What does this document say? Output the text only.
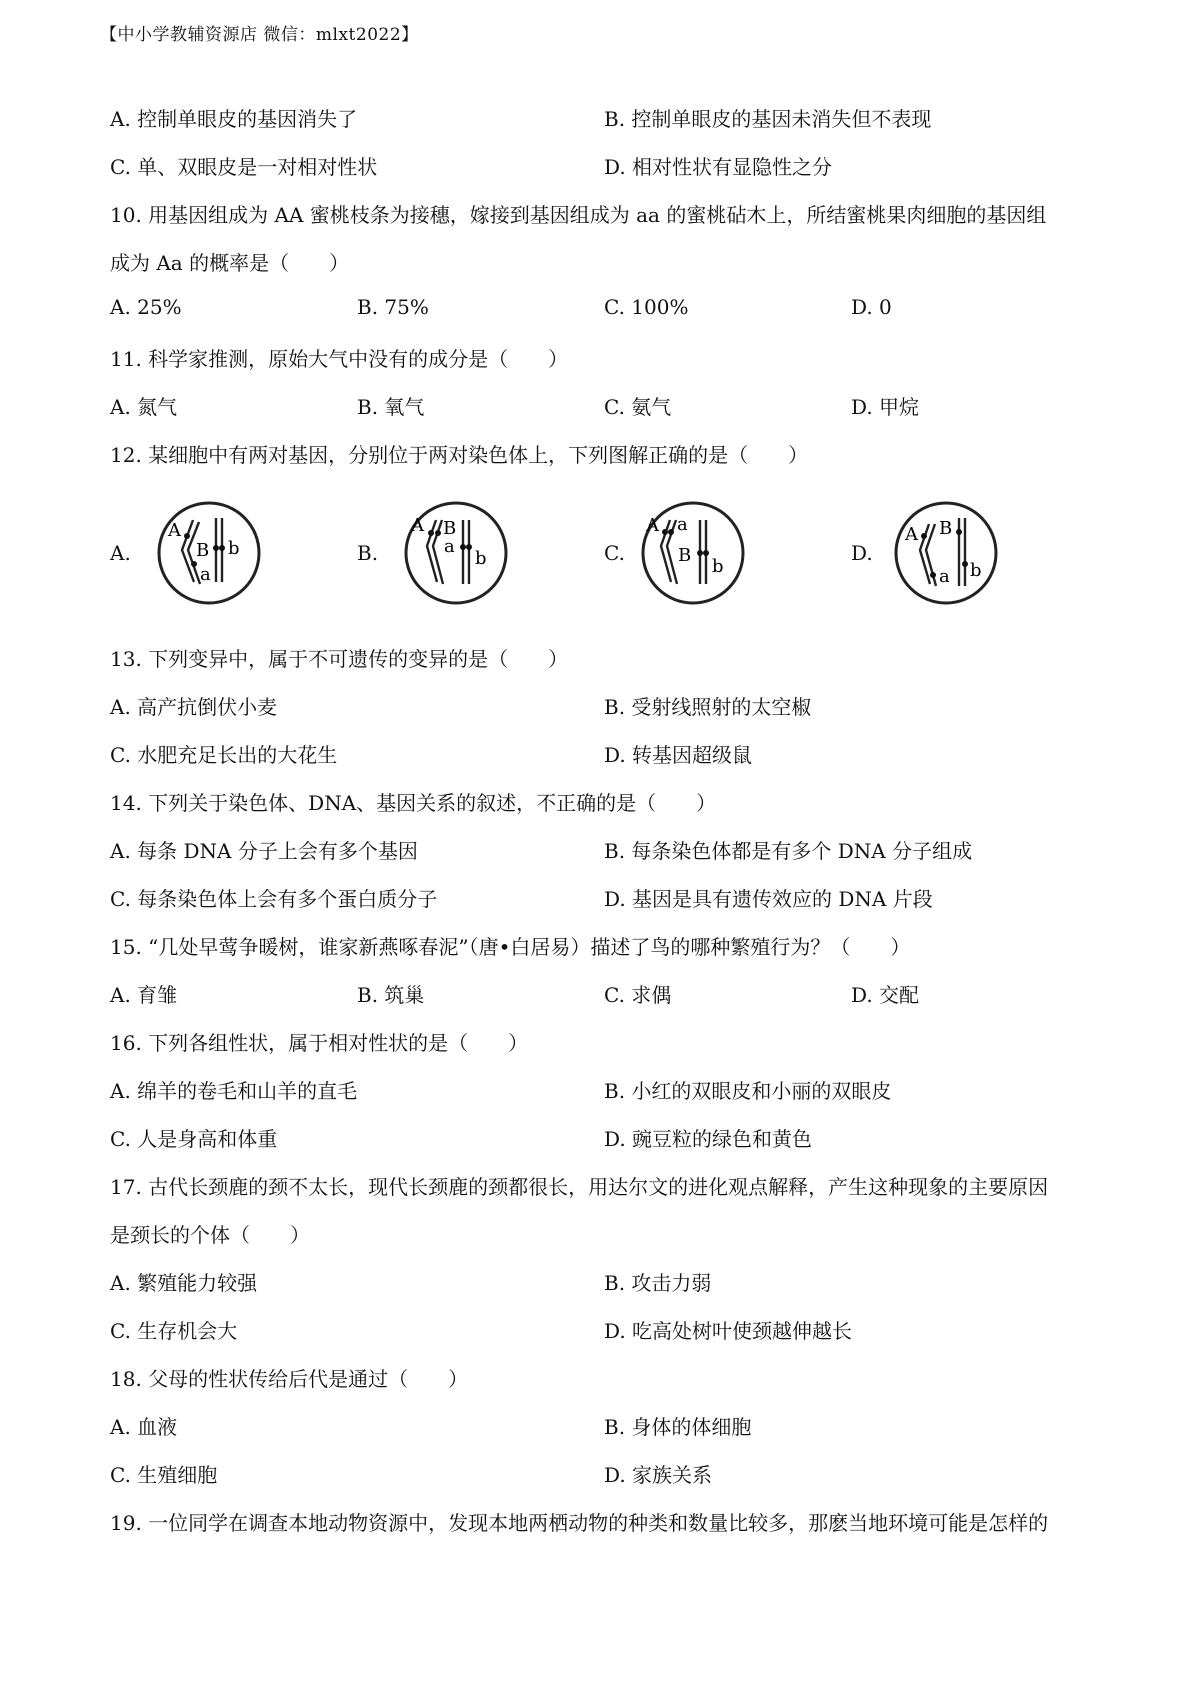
【中小学教辅资源店 微信：mlxt2022】
A. 控制单眼皮的基因消失了	B. 控制单眼皮的基因未消失但不表现
C. 单、双眼皮是一对相对性状	D. 相对性状有显隐性之分
10. 用基因组成为 AA 蜜桃枝条为接穗，嫁接到基因组成为 aa 的蜜桃砧木上，所结蜜桃果肉细胞的基因组
成为 Aa 的概率是（　　）
A. 25%	B. 75%	C. 100%	D. 0
11. 科学家推测，原始大气中没有的成分是（　　）
A. 氮气	B. 氧气	C. 氨气	D. 甲烷
12. 某细胞中有两对基因，分别位于两对染色体上，下列图解正确的是（　　）
A.
A
B
a
b	B.
A B
a
b	C.
A a
B
b
D.
A B
a b
13. 下列变异中，属于不可遗传的变异的是（　　）
A. 高产抗倒伏小麦	B. 受射线照射的太空椒
C. 水肥充足长出的大花生	D. 转基因超级鼠
14. 下列关于染色体、DNA、基因关系的叙述，不正确的是（　　）
A. 每条 DNA 分子上会有多个基因	B. 每条染色体都是有多个 DNA 分子组成
C. 每条染色体上会有多个蛋白质分子	D. 基因是具有遗传效应的 DNA 片段
15. “几处早莺争暖树，谁家新燕啄春泥”（唐•白居易）描述了鸟的哪种繁殖行为？（　　）
A. 育雏	B. 筑巢	C. 求偶	D. 交配
16. 下列各组性状，属于相对性状的是（　　）
A. 绵羊的卷毛和山羊的直毛	B. 小红的双眼皮和小丽的双眼皮
C. 人是身高和体重	D. 豌豆粒的绿色和黄色
17. 古代长颈鹿的颈不太长，现代长颈鹿的颈都很长，用达尔文的进化观点解释，产生这种现象的主要原因
是颈长的个体（　　）
A. 繁殖能力较强	B. 攻击力弱
C. 生存机会大	D. 吃高处树叶使颈越伸越长
18. 父母的性状传给后代是通过（　　）
A. 血液	B. 身体的体细胞
C. 生殖细胞	D. 家族关系
19. 一位同学在调查本地动物资源中，发现本地两栖动物的种类和数量比较多，那麽当地环境可能是怎样的
